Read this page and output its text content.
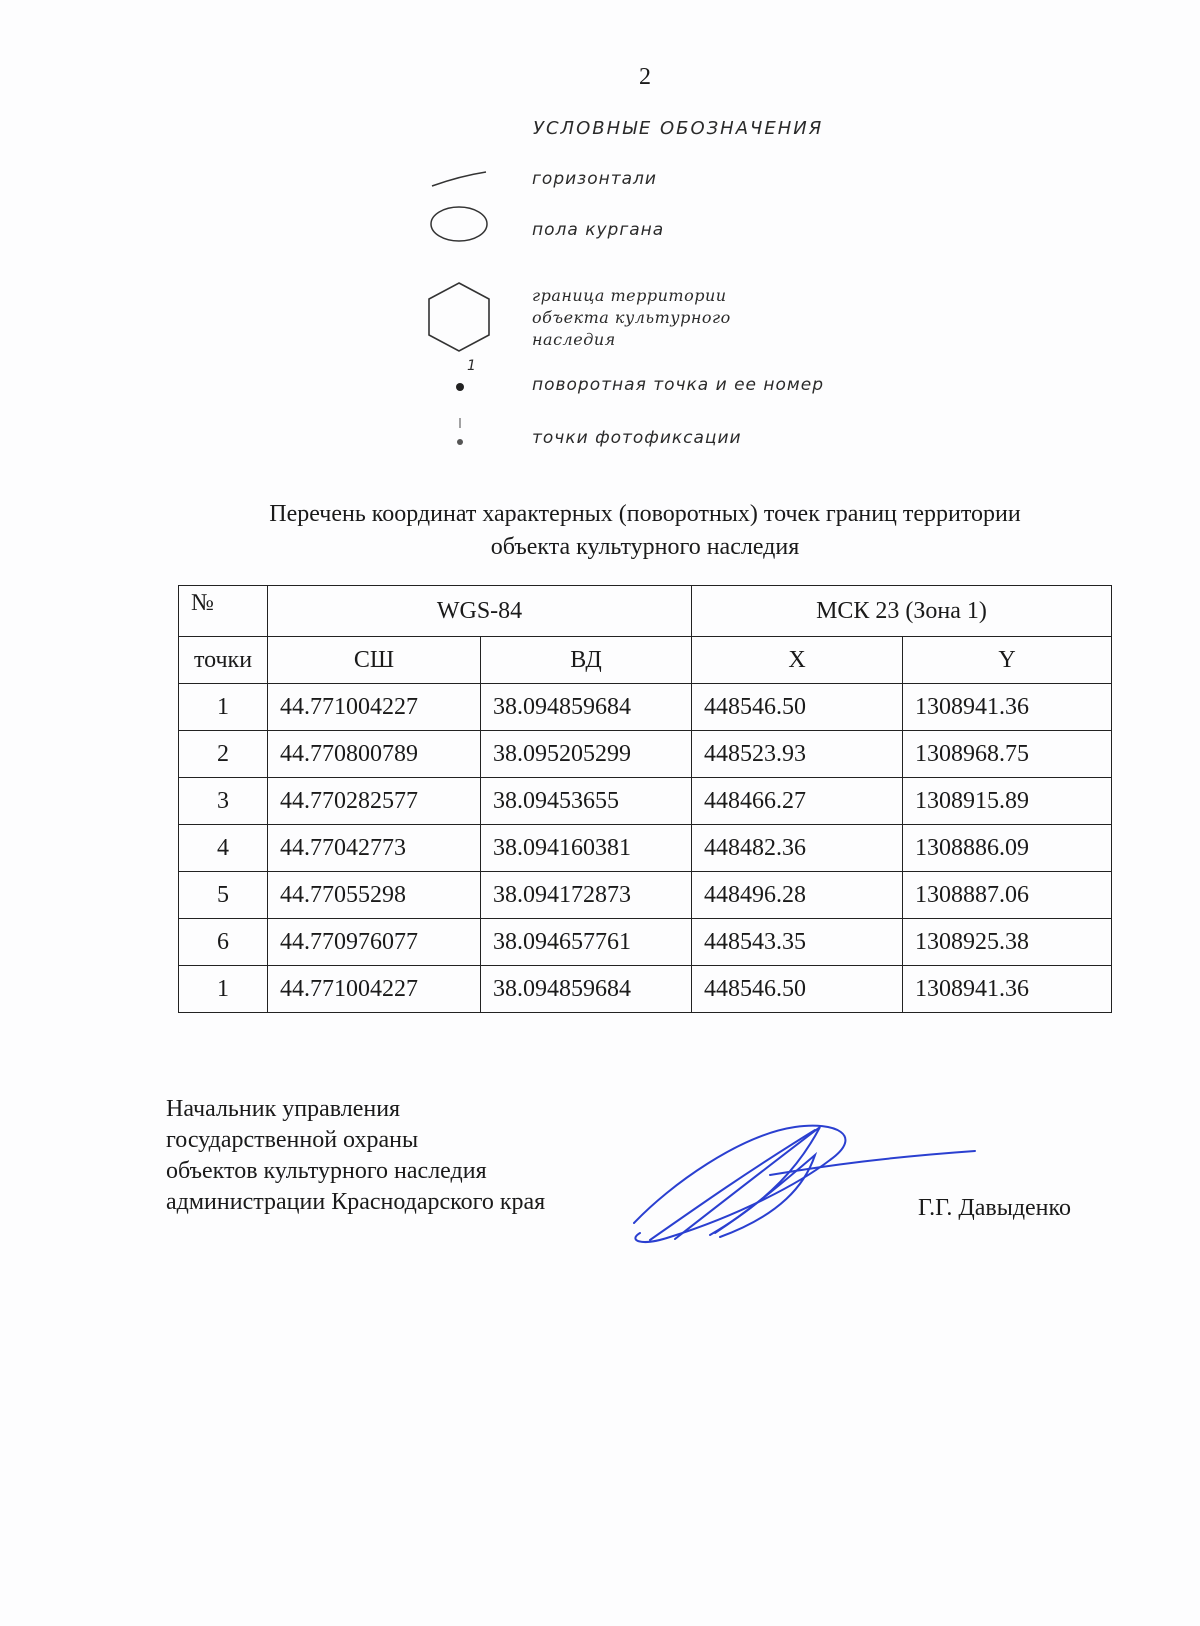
2
УСЛОВНЫЕ ОБОЗНАЧЕНИЯ
горизонтали
пола кургана
граница территории
объекта культурного
наследия
1
поворотная точка и ее номер
точки фотофиксации
Перечень координат характерных (поворотных) точек границ территории
объекта культурного наследия
№	WGS-84		МСК 23 (Зона 1)	
точки	СШ	ВД	X	Y
1	44.771004227	38.094859684	448546.50	1308941.36
2	44.770800789	38.095205299	448523.93	1308968.75
3	44.770282577	38.09453655	448466.27	1308915.89
4	44.77042773	38.094160381	448482.36	1308886.09
5	44.77055298	38.094172873	448496.28	1308887.06
6	44.770976077	38.094657761	448543.35	1308925.38
1	44.771004227	38.094859684	448546.50	1308941.36
Начальник управления
государственной охраны
объектов культурного наследия
администрации Краснодарского края	Г.Г. Давыденко
